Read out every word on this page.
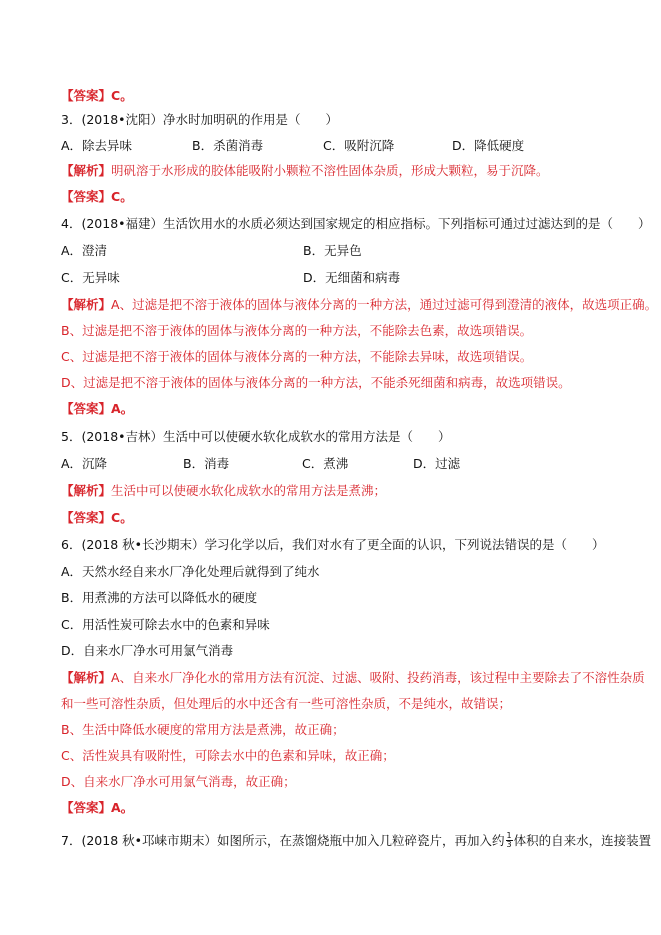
【答案】C。
3．(2018•沈阳）净水时加明矾的作用是（　　）
A．除去异味	B．杀菌消毒	C．吸附沉降	D．降低硬度
【解析】明矾溶于水形成的胶体能吸附小颗粒不溶性固体杂质，形成大颗粒，易于沉降。
【答案】C。
4．(2018•福建）生活饮用水的水质必须达到国家规定的相应指标。下列指标可通过过滤达到的是（　　）
A．澄清	B．无异色
C．无异味	D．无细菌和病毒
【解析】A、过滤是把不溶于液体的固体与液体分离的一种方法，通过过滤可得到澄清的液体，故选项正确。
B、过滤是把不溶于液体的固体与液体分离的一种方法，不能除去色素，故选项错误。
C、过滤是把不溶于液体的固体与液体分离的一种方法，不能除去异味，故选项错误。
D、过滤是把不溶于液体的固体与液体分离的一种方法，不能杀死细菌和病毒，故选项错误。
【答案】A。
5．(2018•吉林）生活中可以使硬水软化成软水的常用方法是（　　）
A．沉降	B．消毒	C．煮沸	D．过滤
【解析】生活中可以使硬水软化成软水的常用方法是煮沸；
【答案】C。
6．(2018 秋•长沙期末）学习化学以后，我们对水有了更全面的认识，下列说法错误的是（　　）
A．天然水经自来水厂净化处理后就得到了纯水
B．用煮沸的方法可以降低水的硬度
C．用活性炭可除去水中的色素和异味
D．自来水厂净水可用氯气消毒
【解析】A、自来水厂净化水的常用方法有沉淀、过滤、吸附、投药消毒，该过程中主要除去了不溶性杂质
和一些可溶性杂质，但处理后的水中还含有一些可溶性杂质，不是纯水，故错误；
B、生活中降低水硬度的常用方法是煮沸，故正确；
C、活性炭具有吸附性，可除去水中的色素和异味，故正确；
D、自来水厂净水可用氯气消毒，故正确；
【答案】A。
7．(2018 秋•邛崃市期末）如图所示，在蒸馏烧瓶中加入几粒碎瓷片，再加入约 $\frac{1}{3}$ 体积的自来水，连接装置
